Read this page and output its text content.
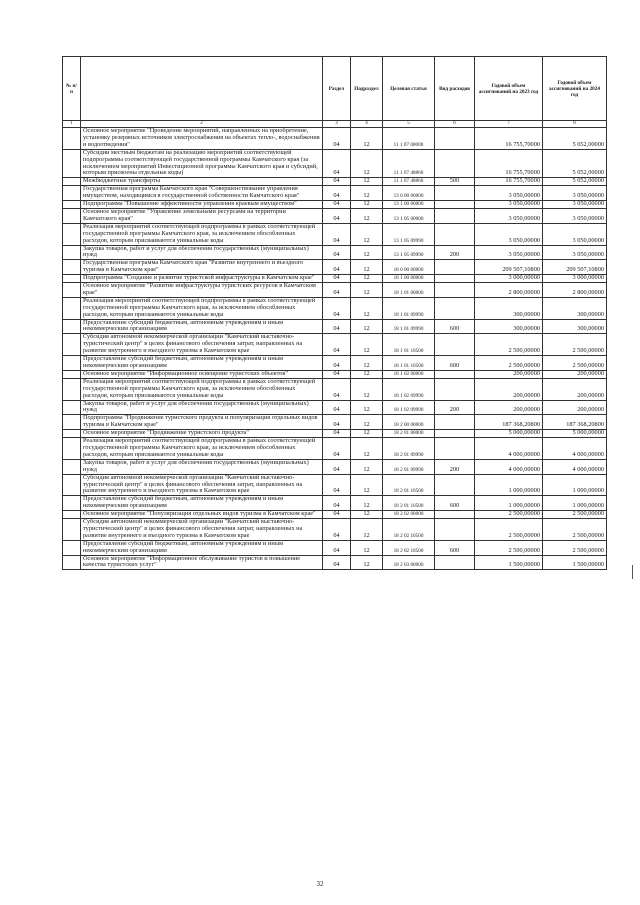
№ п/п		Раздел	Подраздел	Целевая статья	Вид расходов	Годовой объем ассигнований на 2023 год	Годовой объем ассигнований на 2024 год
1	2	3	4	5	6	7	8
	Основное мероприятие "Проведение мероприятий, направленных на приобретение, установку резервных источников электроснабжения на объектах тепло-, водоснабжения и водоотведения"	04	12	11 1 07 00000		16 755,70000	5 052,00000
	Субсидии местным бюджетам на реализацию мероприятий соответствующей подпрограммы соответствующей государственной программы Камчатского края (за исключением мероприятий Инвестиционной программы Камчатского края и субсидий, которым присвоены отдельные коды)	04	12	11 1 07 40860		16 755,70000	5 052,00000
	Межбюджетные трансферты	04	12	11 1 07 40860	500	16 755,70000	5 052,00000
	Государственная программа Камчатского края "Совершенствование управления имуществом, находящимся в государственной собственности Камчатского края"	04	12	13 0 00 00000		3 050,00000	3 050,00000
	Подпрограмма "Повышение эффективности управления краевым имуществом"	04	12	13 1 00 00000		3 050,00000	3 050,00000
	Основное мероприятие "Управление земельными ресурсами на территории Камчатского края"	04	12	13 1 05 00000		3 050,00000	3 050,00000
	Реализация мероприятий соответствующей подпрограммы в рамках соответствующей государственной программы Камчатского края, за исключением обособленных расходов, которым присваиваются уникальные коды	04	12	13 1 05 09990		3 050,00000	3 050,00000
	Закупка товаров, работ и услуг для обеспечения государственных (муниципальных) нужд	04	12	13 1 05 09990	200	3 050,00000	3 050,00000
	Государственная программа Камчатского края "Развитие внутреннего и въездного туризма в Камчатском крае"	04	12	18 0 00 00000		209 507,10800	209 507,10800
	Подпрограмма "Создание и развитие туристской инфраструктуры в Камчатском крае"	04	12	18 1 00 00000		3 000,00000	3 000,00000
	Основное мероприятие "Развитие инфраструктуры туристских ресурсов в Камчатском крае"	04	12	18 1 01 00000		2 800,00000	2 800,00000
	Реализация мероприятий соответствующей подпрограммы в рамках соответствующей государственной программы Камчатского края, за исключением обособленных расходов, которым присваиваются уникальные коды	04	12	18 1 01 09990		300,00000	300,00000
	Предоставление субсидий бюджетным, автономным учреждениям и иным некоммерческим организациям	04	12	18 1 01 09990	600	300,00000	300,00000
	Субсидия автономной некоммерческой организации "Камчатский выставочно-туристический центр" в целях финансового обеспечения затрат, направленных на развитие внутреннего и въездного туризма в Камчатском крае	04	12	18 1 01 10500		2 500,00000	2 500,00000
	Предоставление субсидий бюджетным, автономным учреждениям и иным некоммерческим организациям	04	12	18 1 01 10500	600	2 500,00000	2 500,00000
	Основное мероприятие "Информационное освещение туристских объектов"	04	12	18 1 02 00000		200,00000	200,00000
	Реализация мероприятий соответствующей подпрограммы в рамках соответствующей государственной программы Камчатского края, за исключением обособленных расходов, которым присваиваются уникальные коды	04	12	18 1 02 09990		200,00000	200,00000
	Закупка товаров, работ и услуг для обеспечения государственных (муниципальных) нужд	04	12	18 1 02 09990	200	200,00000	200,00000
	Подпрограмма "Продвижение туристского продукта и популяризация отдельных видов туризма в Камчатском крае"	04	12	18 2 00 00000		187 368,20800	187 368,20800
	Основное мероприятие "Продвижение туристского продукта"	04	12	18 2 01 00000		5 000,00000	5 000,00000
	Реализация мероприятий соответствующей подпрограммы в рамках соответствующей государственной программы Камчатского края, за исключением обособленных расходов, которым присваиваются уникальные коды	04	12	18 2 01 09990		4 000,00000	4 000,00000
	Закупка товаров, работ и услуг для обеспечения государственных (муниципальных) нужд	04	12	18 2 01 09990	200	4 000,00000	4 000,00000
	Субсидия автономной некоммерческой организации "Камчатский выставочно-туристический центр" в целях финансового обеспечения затрат, направленных на развитие внутреннего и въездного туризма в Камчатском крае	04	12	18 2 01 10500		1 000,00000	1 000,00000
	Предоставление субсидий бюджетным, автономным учреждениям и иным некоммерческим организациям	04	12	18 2 01 10500	600	1 000,00000	1 000,00000
	Основное мероприятие "Популяризация отдельных видов туризма в Камчатском крае"	04	12	18 2 02 00000		2 500,00000	2 500,00000
	Субсидия автономной некоммерческой организации "Камчатский выставочно-туристический центр" в целях финансового обеспечения затрат, направленных на развитие внутреннего и въездного туризма в Камчатском крае	04	12	18 2 02 10500		2 500,00000	2 500,00000
	Предоставление субсидий бюджетным, автономным учреждениям и иным некоммерческим организациям	04	12	18 2 02 10500	600	2 500,00000	2 500,00000
	Основное мероприятие "Информационное обслуживание туристов и повышение качества туристских услуг"	04	12	18 2 03 00000		1 500,00000	1 500,00000
32
